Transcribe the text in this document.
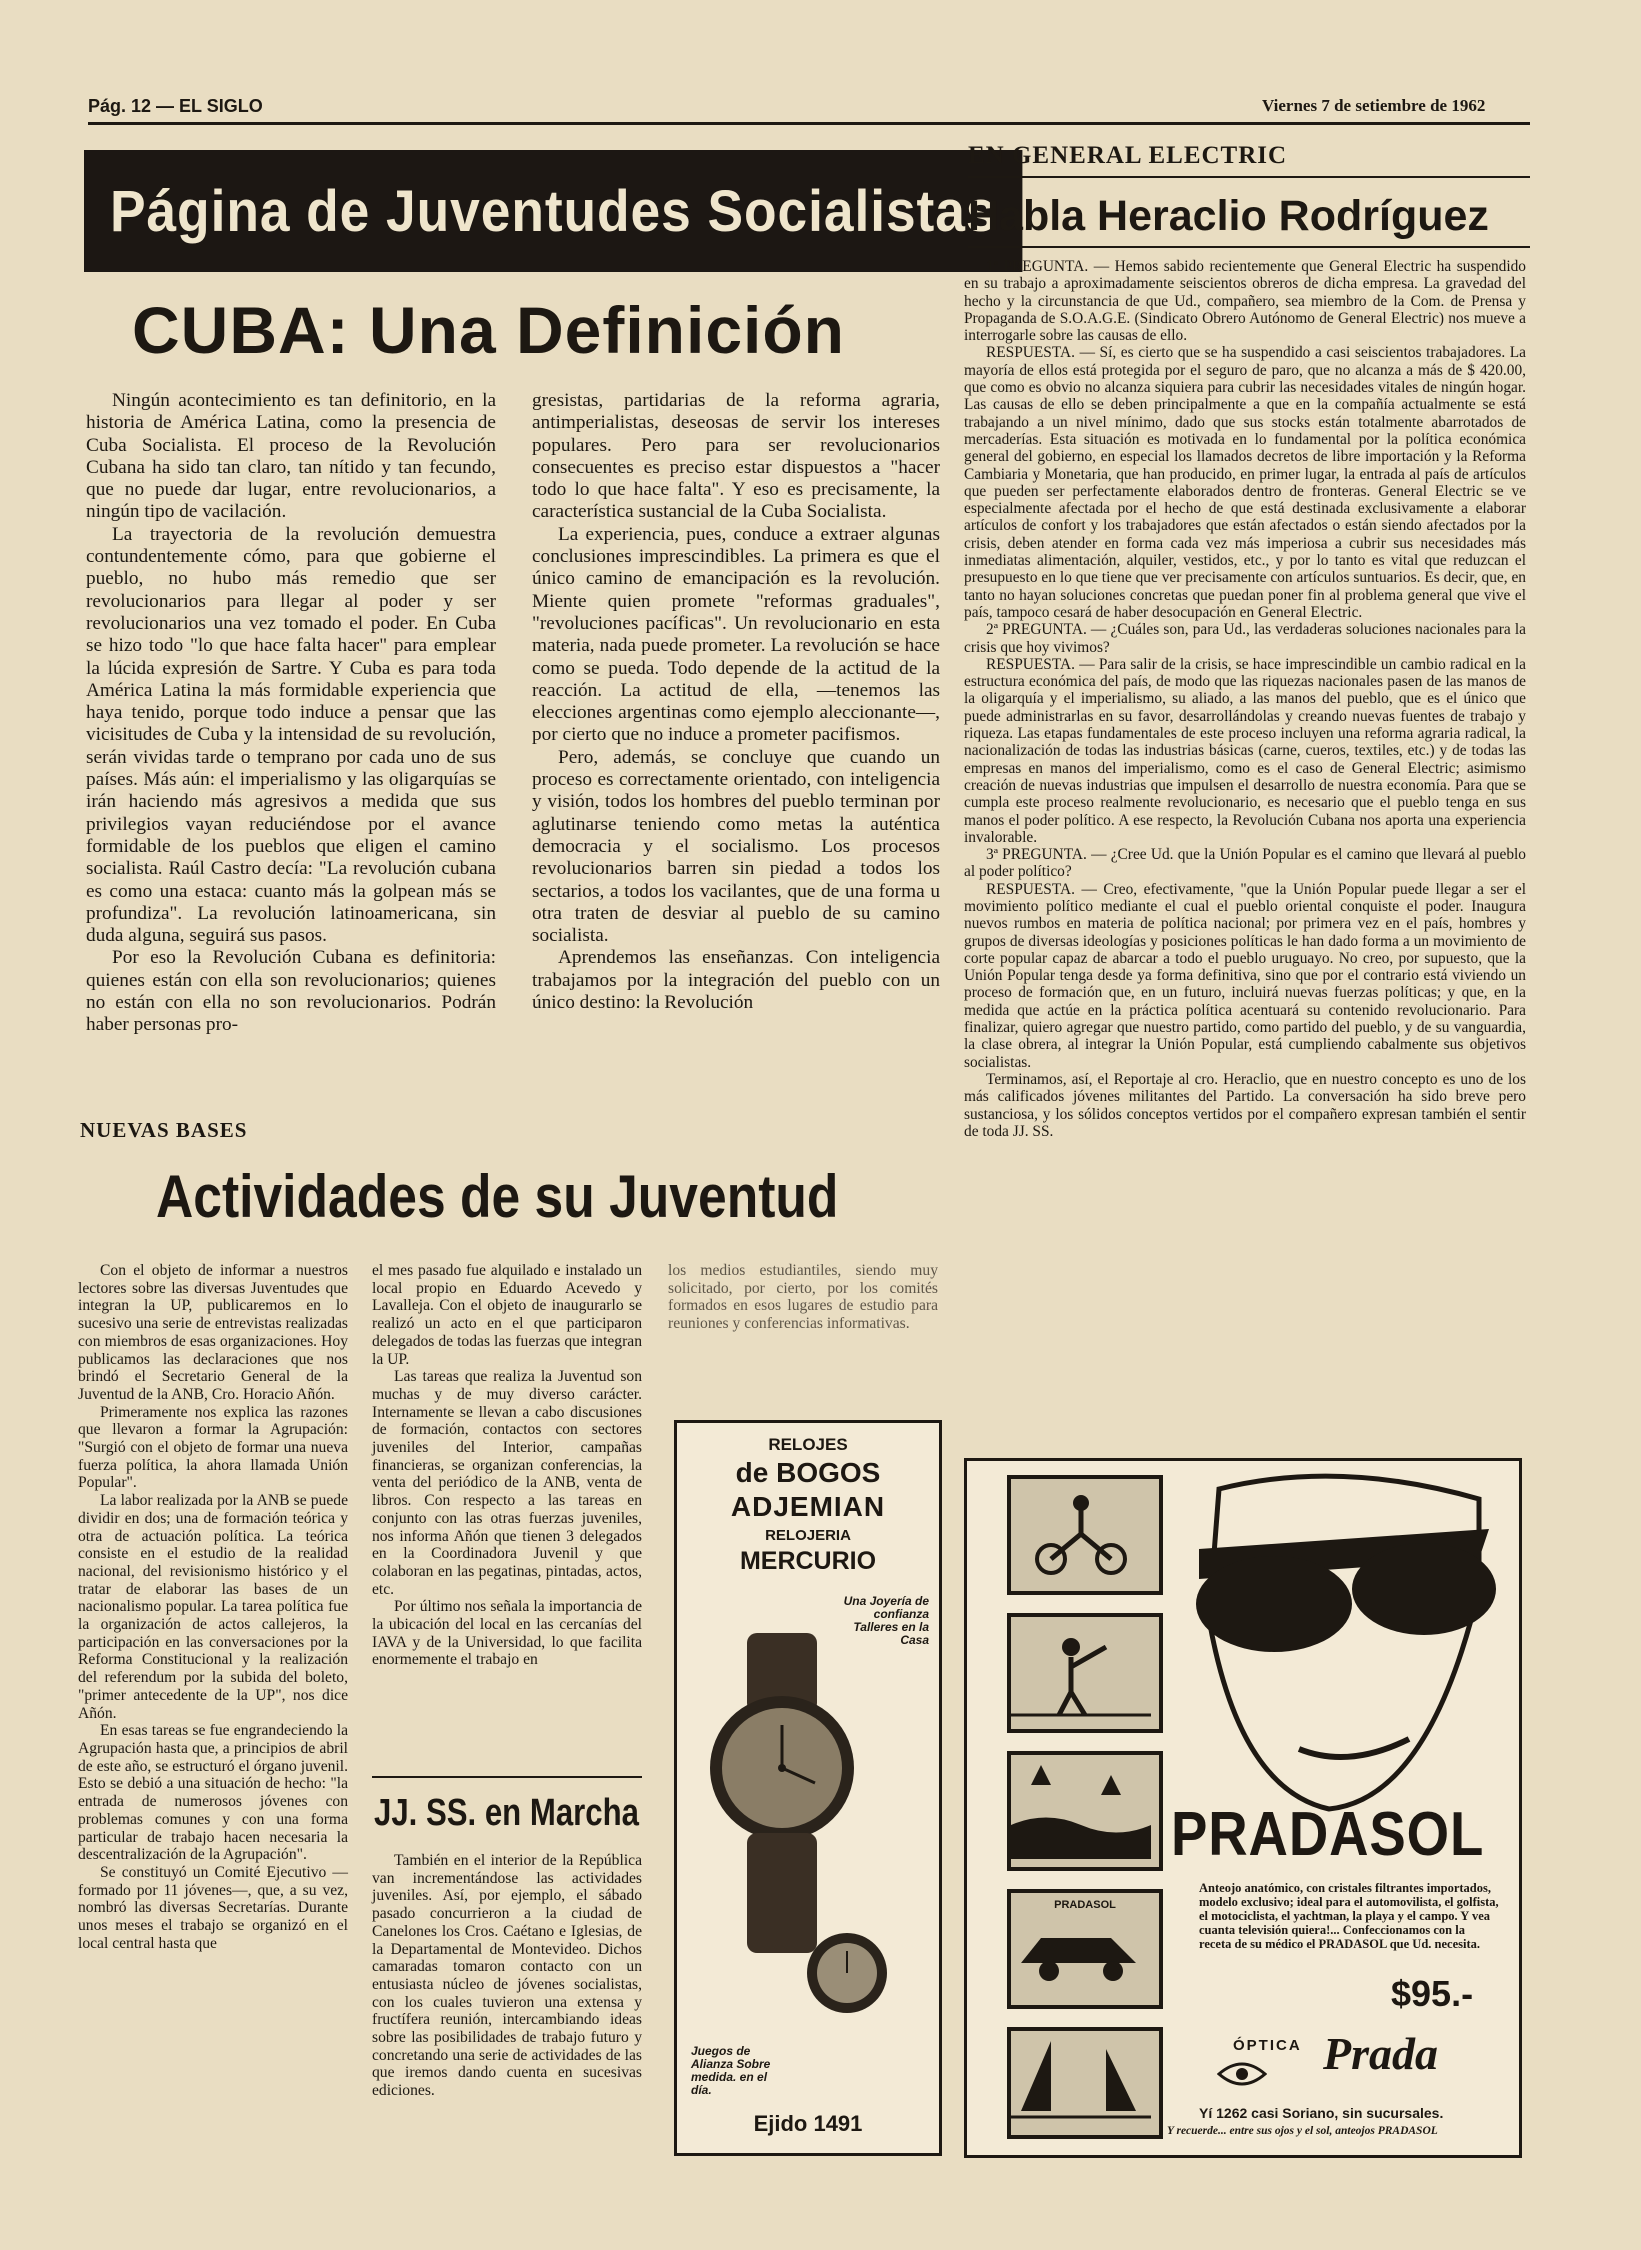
Pág. 12 — EL SIGLO	Viernes 7 de setiembre de 1962
Página de Juventudes Socialistas
CUBA: Una Definición

Ningún acontecimiento es tan definitorio, en la historia de América Latina, como la presencia de Cuba Socialista. El proceso de la Revolución Cubana ha sido tan claro, tan nítido y tan fecundo, que no puede dar lugar, entre revolucionarios, a ningún tipo de vacilación.

La trayectoria de la revolución demuestra contundentemente cómo, para que gobierne el pueblo, no hubo más remedio que ser revolucionarios para llegar al poder y ser revolucionarios una vez tomado el poder. En Cuba se hizo todo "lo que hace falta hacer" para emplear la lúcida expresión de Sartre. Y Cuba es para toda América Latina la más formidable experiencia que haya tenido, porque todo induce a pensar que las vicisitudes de Cuba y la intensidad de su revolución, serán vividas tarde o temprano por cada uno de sus países. Más aún: el imperialismo y las oligarquías se irán haciendo más agresivos a medida que sus privilegios vayan reduciéndose por el avance formidable de los pueblos que eligen el camino socialista. Raúl Castro decía: "La revolución cubana es como una estaca: cuanto más la golpean más se profundiza". La revolución latinoamericana, sin duda alguna, seguirá sus pasos.

Por eso la Revolución Cubana es definitoria: quienes están con ella son revolucionarios; quienes no están con ella no son revolucionarios. Podrán haber personas pro-

gresistas, partidarias de la reforma agraria, antimperialistas, deseosas de servir los intereses populares. Pero para ser revolucionarios consecuentes es preciso estar dispuestos a "hacer todo lo que hace falta". Y eso es precisamente, la característica sustancial de la Cuba Socialista.

La experiencia, pues, conduce a extraer algunas conclusiones imprescindibles. La primera es que el único camino de emancipación es la revolución. Miente quien promete "reformas graduales", "revoluciones pacíficas". Un revolucionario en esta materia, nada puede prometer. La revolución se hace como se pueda. Todo depende de la actitud de la reacción. La actitud de ella, —tenemos las elecciones argentinas como ejemplo aleccionante—, por cierto que no induce a prometer pacifismos.

Pero, además, se concluye que cuando un proceso es correctamente orientado, con inteligencia y visión, todos los hombres del pueblo terminan por aglutinarse teniendo como metas la auténtica democracia y el socialismo. Los procesos revolucionarios barren sin piedad a todos los sectarios, a todos los vacilantes, que de una forma u otra traten de desviar al pueblo de su camino socialista.

Aprendemos las enseñanzas. Con inteligencia trabajamos por la integración del pueblo con un único destino: la Revolución

NUEVAS BASES
Actividades de su Juventud

Con el objeto de informar a nuestros lectores sobre las diversas Juventudes que integran la UP, publicaremos en lo sucesivo una serie de entrevistas realizadas con miembros de esas organizaciones. Hoy publicamos las declaraciones que nos brindó el Secretario General de la Juventud de la ANB, Cro. Horacio Añón.

Primeramente nos explica las razones que llevaron a formar la Agrupación: "Surgió con el objeto de formar una nueva fuerza política, la ahora llamada Unión Popular".

La labor realizada por la ANB se puede dividir en dos; una de formación teórica y otra de actuación política. La teórica consiste en el estudio de la realidad nacional, del revisionismo histórico y el tratar de elaborar las bases de un nacionalismo popular. La tarea política fue la organización de actos callejeros, la participación en las conversaciones por la Reforma Constitucional y la realización del referendum por la subida del boleto, "primer antecedente de la UP", nos dice Añón.

En esas tareas se fue engrandeciendo la Agrupación hasta que, a principios de abril de este año, se estructuró el órgano juvenil. Esto se debió a una situación de hecho: "la entrada de numerosos jóvenes con problemas comunes y con una forma particular de trabajo hacen necesaria la descentralización de la Agrupación".

Se constituyó un Comité Ejecutivo —formado por 11 jóvenes—, que, a su vez, nombró las diversas Secretarías. Durante unos meses el trabajo se organizó en el local central hasta que

el mes pasado fue alquilado e instalado un local propio en Eduardo Acevedo y Lavalleja. Con el objeto de inaugurarlo se realizó un acto en el que participaron delegados de todas las fuerzas que integran la UP.

Las tareas que realiza la Juventud son muchas y de muy diverso carácter. Internamente se llevan a cabo discusiones de formación, contactos con sectores juveniles del Interior, campañas financieras, se organizan conferencias, la venta del periódico de la ANB, venta de libros. Con respecto a las tareas en conjunto con las otras fuerzas juveniles, nos informa Añón que tienen 3 delegados en la Coordinadora Juvenil y que colaboran en las pegatinas, pintadas, actos, etc.

Por último nos señala la importancia de la ubicación del local en las cercanías del IAVA y de la Universidad, lo que facilita enormemente el trabajo en

los medios estudiantiles, siendo muy solicitado, por cierto, por los comités formados en esos lugares de estudio para reuniones y conferencias informativas.

JJ. SS. en Marcha

También en el interior de la República van incrementándose las actividades juveniles. Así, por ejemplo, el sábado pasado concurrieron a la ciudad de Canelones los Cros. Caétano e Iglesias, de la Departamental de Montevideo. Dichos camaradas tomaron contacto con un entusiasta núcleo de jóvenes socialistas, con los cuales tuvieron una extensa y fructífera reunión, intercambiando ideas sobre las posibilidades de trabajo futuro y concretando una serie de actividades de las que iremos dando cuenta en sucesivas ediciones.

EN GENERAL ELECTRIC
Habla Heraclio Rodríguez

1ª PREGUNTA. — Hemos sabido recientemente que General Electric ha suspendido en su trabajo a aproximadamente seiscientos obreros de dicha empresa. La gravedad del hecho y la circunstancia de que Ud., compañero, sea miembro de la Com. de Prensa y Propaganda de S.O.A.G.E. (Sindicato Obrero Autónomo de General Electric) nos mueve a interrogarle sobre las causas de ello.

RESPUESTA. — Sí, es cierto que se ha suspendido a casi seiscientos trabajadores. La mayoría de ellos está protegida por el seguro de paro, que no alcanza a más de $ 420.00, que como es obvio no alcanza siquiera para cubrir las necesidades vitales de ningún hogar. Las causas de ello se deben principalmente a que en la compañía actualmente se está trabajando a un nivel mínimo, dado que sus stocks están totalmente abarrotados de mercaderías. Esta situación es motivada en lo fundamental por la política económica general del gobierno, en especial los llamados decretos de libre importación y la Reforma Cambiaria y Monetaria, que han producido, en primer lugar, la entrada al país de artículos que pueden ser perfectamente elaborados dentro de fronteras. General Electric se ve especialmente afectada por el hecho de que está destinada exclusivamente a elaborar artículos de confort y los trabajadores que están afectados o están siendo afectados por la crisis, deben atender en forma cada vez más imperiosa a cubrir sus necesidades más inmediatas alimentación, alquiler, vestidos, etc., y por lo tanto es vital que reduzcan el presupuesto en lo que tiene que ver precisamente con artículos suntuarios. Es decir, que, en tanto no hayan soluciones concretas que puedan poner fin al problema general que vive el país, tampoco cesará de haber desocupación en General Electric.

2ª PREGUNTA. — ¿Cuáles son, para Ud., las verdaderas soluciones nacionales para la crisis que hoy vivimos?

RESPUESTA. — Para salir de la crisis, se hace imprescindible un cambio radical en la estructura económica del país, de modo que las riquezas nacionales pasen de las manos de la oligarquía y el imperialismo, su aliado, a las manos del pueblo, que es el único que puede administrarlas en su favor, desarrollándolas y creando nuevas fuentes de trabajo y riqueza. Las etapas fundamentales de este proceso incluyen una reforma agraria radical, la nacionalización de todas las industrias básicas (carne, cueros, textiles, etc.) y de todas las empresas en manos del imperialismo, como es el caso de General Electric; asimismo creación de nuevas industrias que impulsen el desarrollo de nuestra economía. Para que se cumpla este proceso realmente revolucionario, es necesario que el pueblo tenga en sus manos el poder político. A ese respecto, la Revolución Cubana nos aporta una experiencia invalorable.

3ª PREGUNTA. — ¿Cree Ud. que la Unión Popular es el camino que llevará al pueblo al poder político?

RESPUESTA. — Creo, efectivamente, "que la Unión Popular puede llegar a ser el movimiento político mediante el cual el pueblo oriental conquiste el poder. Inaugura nuevos rumbos en materia de política nacional; por primera vez en el país, hombres y grupos de diversas ideologías y posiciones políticas le han dado forma a un movimiento de corte popular capaz de abarcar a todo el pueblo uruguayo. No creo, por supuesto, que la Unión Popular tenga desde ya forma definitiva, sino que por el contrario está viviendo un proceso de formación que, en un futuro, incluirá nuevas fuerzas políticas; y que, en la medida que actúe en la práctica política acentuará su contenido revolucionario. Para finalizar, quiero agregar que nuestro partido, como partido del pueblo, y de su vanguardia, la clase obrera, al integrar la Unión Popular, está cumpliendo cabalmente sus objetivos socialistas.

Terminamos, así, el Reportaje al cro. Heraclio, que en nuestro concepto es uno de los más calificados jóvenes militantes del Partido. La conversación ha sido breve pero sustanciosa, y los sólidos conceptos vertidos por el compañero expresan también el sentir de toda JJ. SS.

RELOJES
de BOGOS
ADJEMIAN
RELOJERIA
MERCURIO
Una Joyería de confianza Talleres en la Casa
Juegos de Alianza Sobre medida. en el día.
Ejido 1491
PRADASOL
PRADASOL
Anteojo anatómico, con cristales filtrantes importados, modelo exclusivo; ideal para el automovilista, el golfista, el motociclista, el yachtman, la playa y el campo. Y vea cuanta televisión quiera!... Confeccionamos con la receta de su médico el PRADASOL que Ud. necesita.
$95.-
ÓPTICA Prada
Yí 1262 casi Soriano, sin sucursales.
Y recuerde... entre sus ojos y el sol, anteojos PRADASOL
